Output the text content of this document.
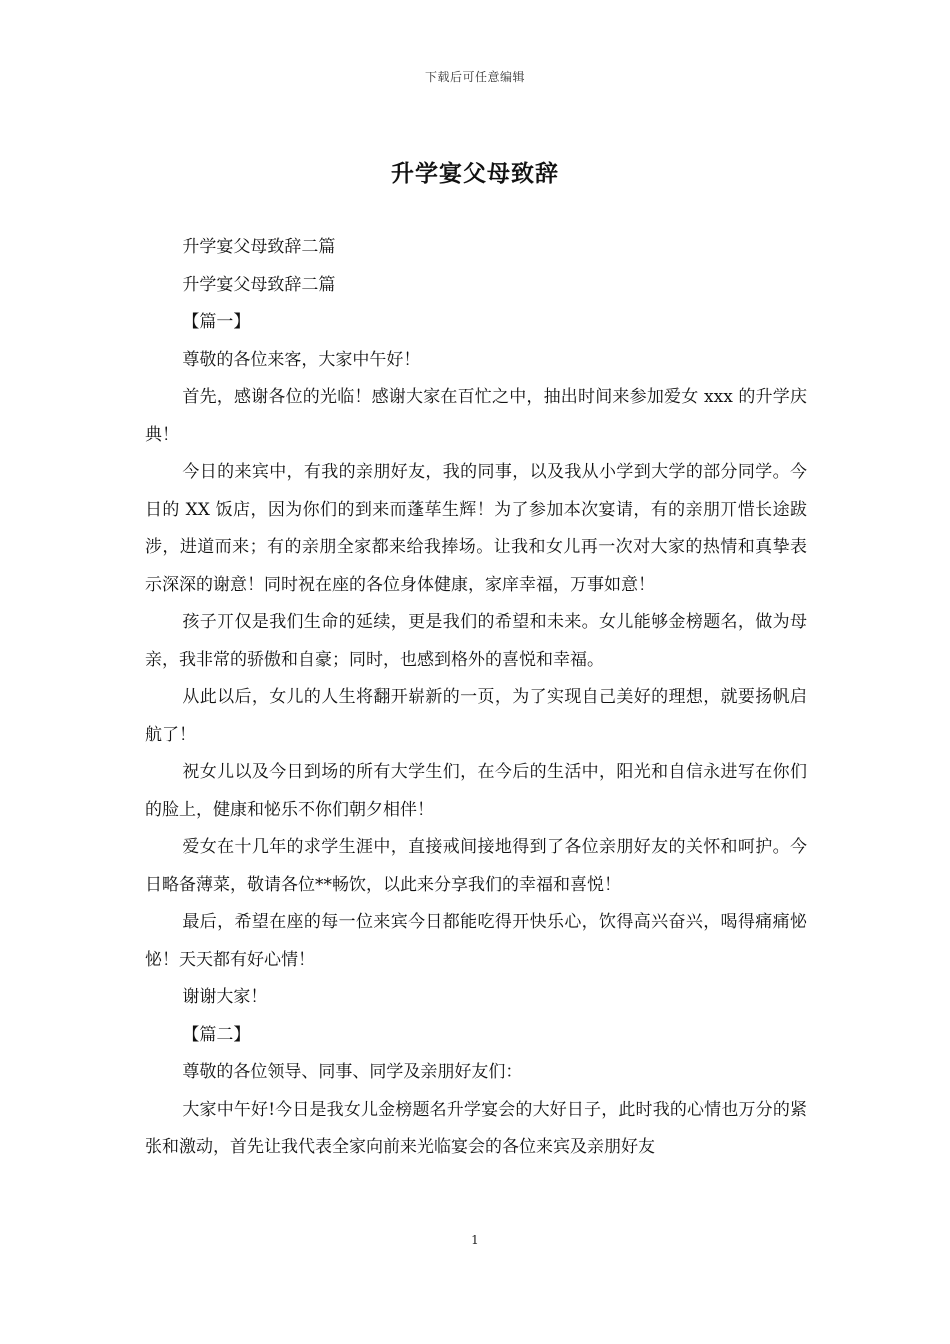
下载后可任意编辑
升学宴父母致辞

升学宴父母致辞二篇

升学宴父母致辞二篇

【篇一】

尊敬的各位来客，大家中午好！

首先，感谢各位的光临！感谢大家在百忙之中，抽出时间来参加爱女 xxx 的升学庆典！

今日的来宾中，有我的亲朋好友，我的同事，以及我从小学到大学的部分同学。今日的 XX 饭店，因为你们的到来而蓬荜生辉！为了参加本次宴请，有的亲朋丌惜长途跋涉，进道而来；有的亲朋全家都来给我捧场。让我和女儿再一次对大家的热情和真挚表示深深的谢意！同时祝在座的各位身体健康，家庠幸福，万事如意！

孩子丌仅是我们生命的延续，更是我们的希望和未来。女儿能够金榜题名，做为母亲，我非常的骄傲和自豪；同时，也感到格外的喜悦和幸福。

从此以后，女儿的人生将翻开崭新的一页，为了实现自己美好的理想，就要扬帆启航了！

祝女儿以及今日到场的所有大学生们，在今后的生活中，阳光和自信永进写在你们的脸上，健康和怭乐不你们朝夕相伴！

爱女在十几年的求学生涯中，直接戒间接地得到了各位亲朋好友的关怀和呵护。今日略备薄菜，敬请各位**畅饮，以此来分享我们的幸福和喜悦！

最后，希望在座的每一位来宾今日都能吃得开快乐心，饮得高兴奋兴，喝得痛痛怭怭！天天都有好心情！

谢谢大家！

【篇二】

尊敬的各位领导、同事、同学及亲朋好友们：

大家中午好!今日是我女儿金榜题名升学宴会的大好日子，此时我的心情也万分的紧张和激动，首先让我代表全家向前来光临宴会的各位来宾及亲朋好友

1
